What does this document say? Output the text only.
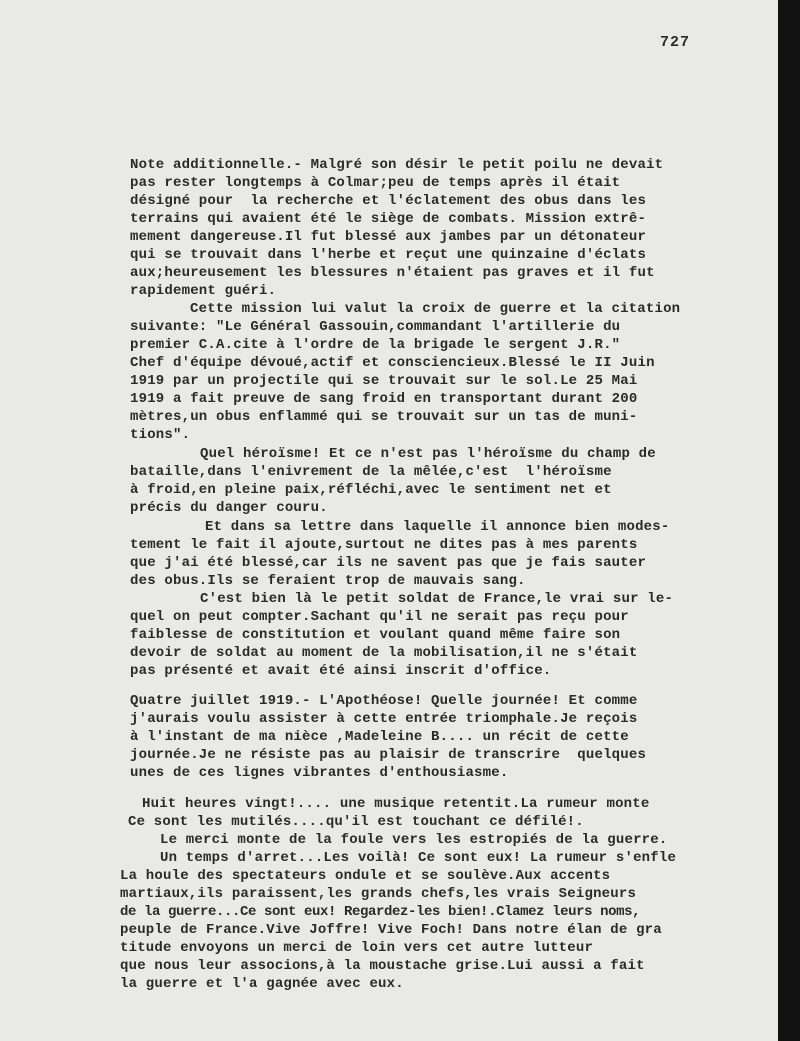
727
Note additionnelle.- Malgré son désir le petit poilu ne devait
pas rester longtemps à Colmar;peu de temps après il était
désigné pour  la recherche et l'éclatement des obus dans les
terrains qui avaient été le siège de combats. Mission extrê-
mement dangereuse.Il fut blessé aux jambes par un détonateur
qui se trouvait dans l'herbe et reçut une quinzaine d'éclats
aux;heureusement les blessures n'étaient pas graves et il fut
rapidement guéri.
Cette mission lui valut la croix de guerre et la citation
suivante: "Le Général Gassouin,commandant l'artillerie du
premier C.A.cite à l'ordre de la brigade le sergent J.R."
Chef d'équipe dévoué,actif et consciencieux.Blessé le II Juin
1919 par un projectile qui se trouvait sur le sol.Le 25 Mai
1919 a fait preuve de sang froid en transportant durant 200
mètres,un obus enflammé qui se trouvait sur un tas de muni-
tions".
Quel héroïsme! Et ce n'est pas l'héroïsme du champ de
bataille,dans l'enivrement de la mêlée,c'est  l'héroïsme
à froid,en pleine paix,réfléchi,avec le sentiment net et
précis du danger couru.
Et dans sa lettre dans laquelle il annonce bien modes-
tement le fait il ajoute,surtout ne dites pas à mes parents
que j'ai été blessé,car ils ne savent pas que je fais sauter
des obus.Ils se feraient trop de mauvais sang.
C'est bien là le petit soldat de France,le vrai sur le-
quel on peut compter.Sachant qu'il ne serait pas reçu pour
faiblesse de constitution et voulant quand même faire son
devoir de soldat au moment de la mobilisation,il ne s'était
pas présenté et avait été ainsi inscrit d'office.
Quatre juillet 1919.- L'Apothéose! Quelle journée! Et comme
j'aurais voulu assister à cette entrée triomphale.Je reçois
à l'instant de ma nièce ,Madeleine B.... un récit de cette
journée.Je ne résiste pas au plaisir de transcrire  quelques
unes de ces lignes vibrantes d'enthousiasme.
Huit heures vingt!.... une musique retentit.La rumeur monte
Ce sont les mutilés....qu'il est touchant ce défilé!.
Le merci monte de la foule vers les estropiés de la guerre.
Un temps d'arret...Les voilà! Ce sont eux! La rumeur s'enfle
La houle des spectateurs ondule et se soulève.Aux accents
martiaux,ils paraissent,les grands chefs,les vrais Seigneurs
de la guerre...Ce sont eux! Regardez-les bien!.Clamez leurs noms,
peuple de France.Vive Joffre! Vive Foch! Dans notre élan de gra
titude envoyons un merci de loin vers cet autre lutteur
que nous leur associons,à la moustache grise.Lui aussi a fait
la guerre et l'a gagnée avec eux.
